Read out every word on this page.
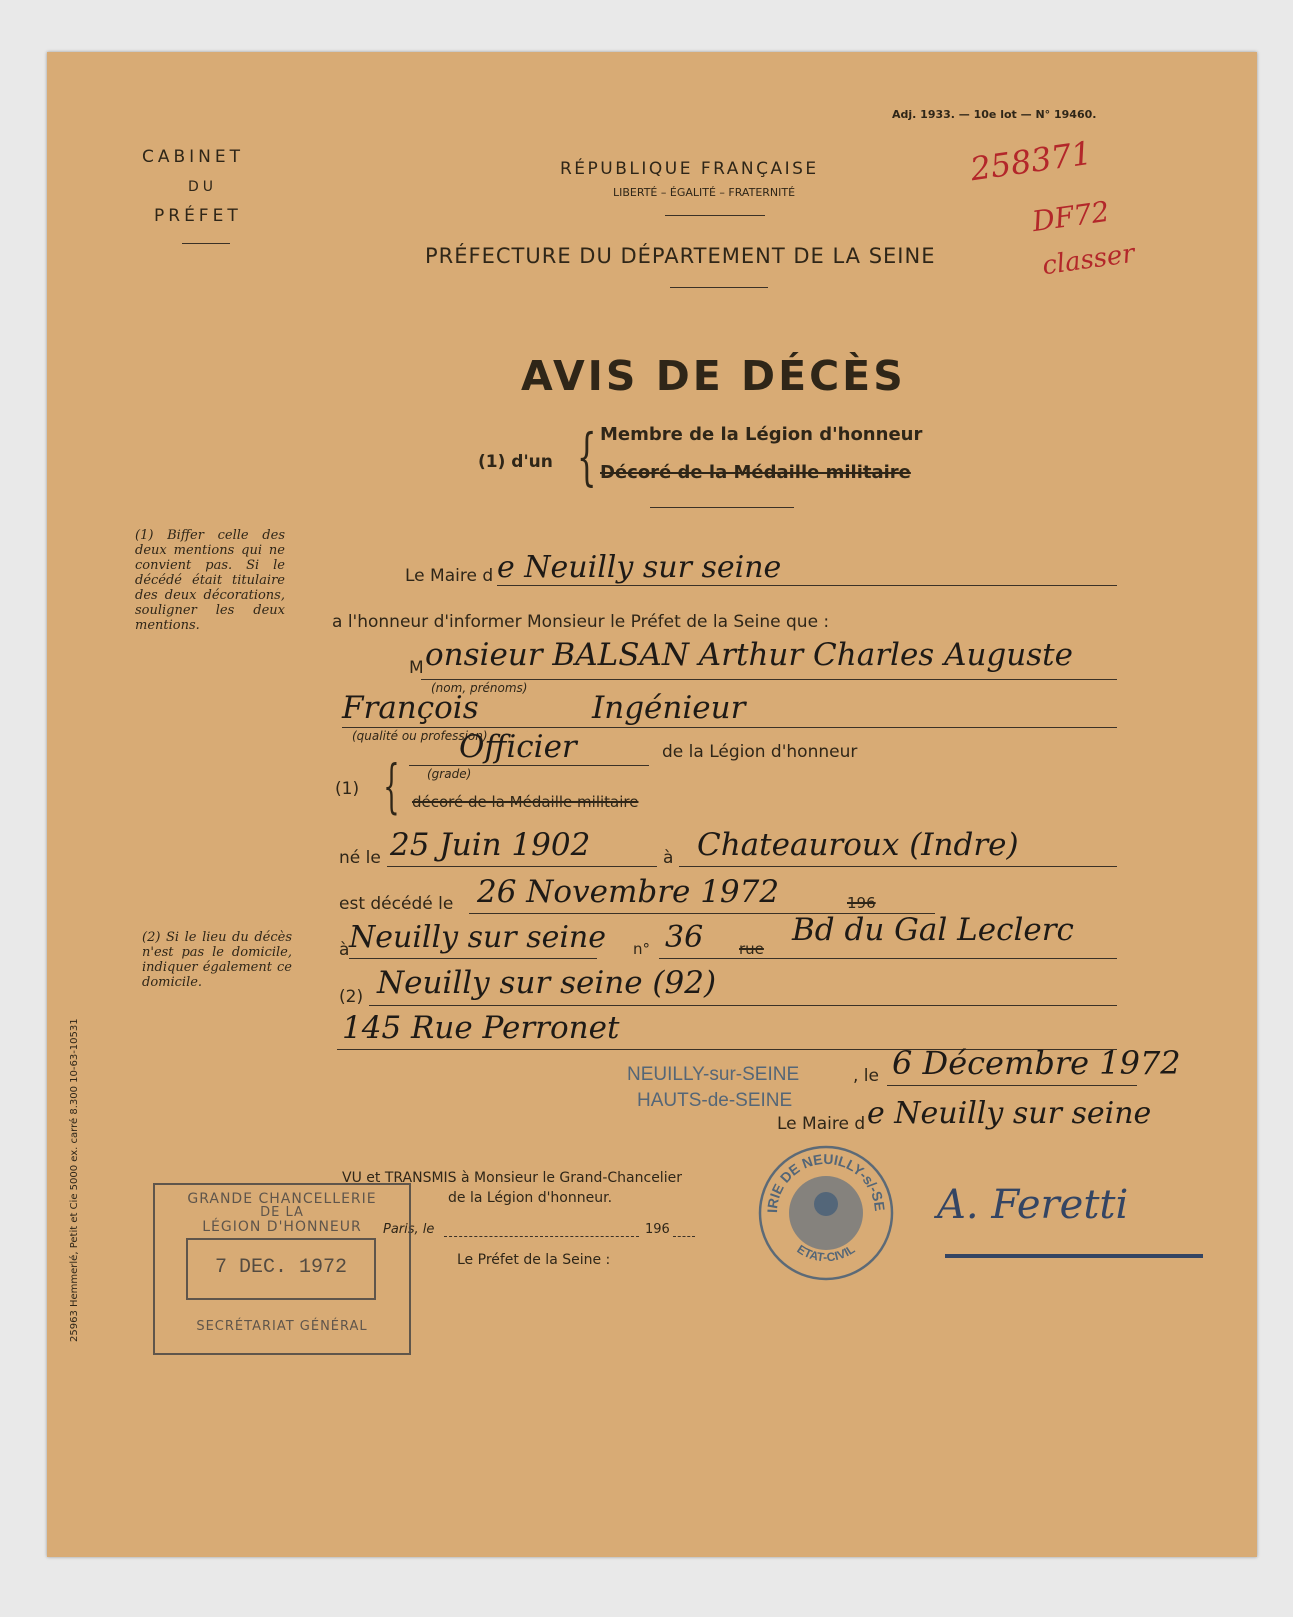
Adj. 1933. — 10e lot — N° 19460.
CABINET
DU
PRÉFET
RÉPUBLIQUE FRANÇAISE
LIBERTÉ – ÉGALITÉ – FRATERNITÉ
PRÉFECTURE DU DÉPARTEMENT DE LA SEINE
258371
DF72
classer
AVIS DE DÉCÈS
(1) d'un { Membre de la Légion d'honneur
Décoré de la Médaille militaire
(1) Biffer celle des deux mentions qui ne convient pas. Si le décédé était titulaire des deux décorations, souligner les deux mentions.
(2) Si le lieu du décès n'est pas le domicile, indiquer également ce domicile.
25963 Hemmerlé, Petit et Cie 5000 ex. carré 8.300 10-63-10531
Le Maire d e Neuilly sur seine
a l'honneur d'informer Monsieur le Préfet de la Seine que :
M onsieur BALSAN Arthur Charles Auguste
(nom, prénoms)
François	Ingénieur
(qualité ou profession)
Officier
(grade)
de la Légion d'honneur
(1) { décoré de la Médaille militaire
né le 25 Juin 1902	à Chateauroux (Indre)
est décédé le 26 Novembre 1972	196
à Neuilly sur seine n° 36 rue
Bd du Gal Leclerc
(2) Neuilly sur seine (92)
145 Rue Perronet
NEUILLY-sur-SEINE
HAUTS-de-SEINE
, le 6 Décembre 1972
Le Maire d e Neuilly sur seine
A. Feretti
IRIE DE NEUILLY-s/-SE
ETAT-CIVIL
VU et TRANSMIS à Monsieur le Grand-Chancelier
de la Légion d'honneur.
Paris, le	196
Le Préfet de la Seine :
GRANDE CHANCELLERIE
DE LA
LÉGION D'HONNEUR
7 DEC. 1972
SECRÉTARIAT GÉNÉRAL
